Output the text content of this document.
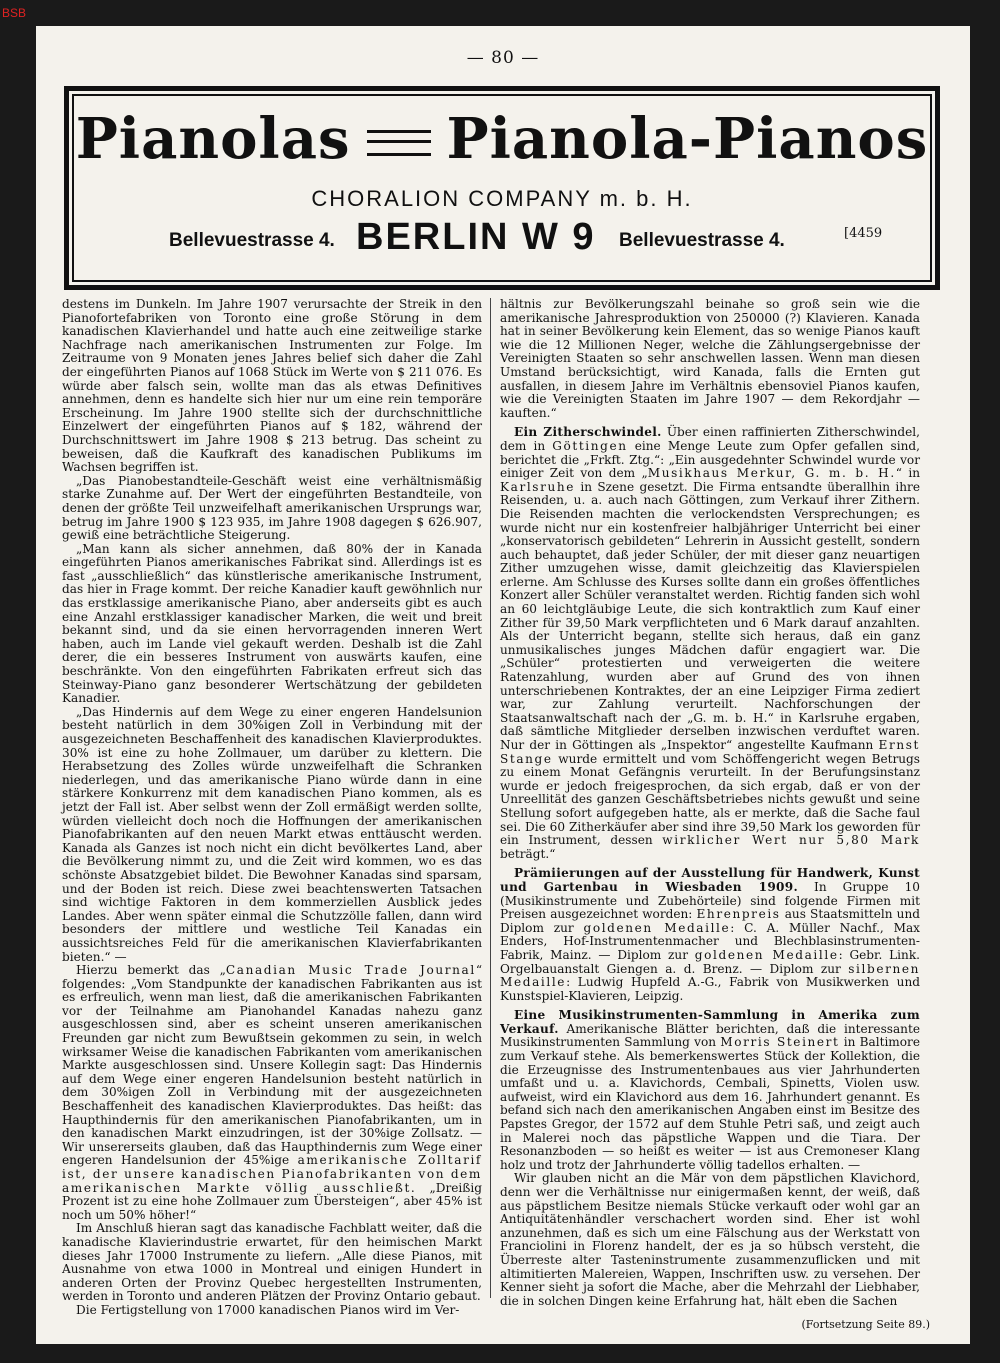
BSB
— 80 —
Pianolas Pianola-Pianos
CHORALION COMPANY m. b. H.
Bellevuestrasse 4. BERLIN W 9 Bellevuestrasse 4.	[4459

destens im Dunkeln. Im Jahre 1907 verursachte der Streik in den Pianofortefabriken von Toronto eine große Störung in dem kanadischen Klavierhandel und hatte auch eine zeitweilige starke Nachfrage nach amerikanischen Instrumenten zur Folge. Im Zeitraume von 9 Monaten jenes Jahres belief sich daher die Zahl der eingeführten Pianos auf 1068 Stück im Werte von $ 211 076. Es würde aber falsch sein, wollte man das als etwas Definitives annehmen, denn es handelte sich hier nur um eine rein temporäre Erscheinung. Im Jahre 1900 stellte sich der durchschnittliche Einzelwert der eingeführten Pianos auf $ 182, während der Durchschnittswert im Jahre 1908 $ 213 betrug. Das scheint zu beweisen, daß die Kaufkraft des kanadischen Publikums im Wachsen begriffen ist.

„Das Pianobestandteile-Geschäft weist eine verhältnismäßig starke Zunahme auf. Der Wert der eingeführten Bestandteile, von denen der größte Teil unzweifelhaft amerikanischen Ursprungs war, betrug im Jahre 1900 $ 123 935, im Jahre 1908 dagegen $ 626.907, gewiß eine beträchtliche Steigerung.

„Man kann als sicher annehmen, daß 80% der in Kanada eingeführten Pianos amerikanisches Fabrikat sind. Allerdings ist es fast „ausschließlich“ das künstlerische amerikanische Instrument, das hier in Frage kommt. Der reiche Kanadier kauft gewöhnlich nur das erstklassige amerikanische Piano, aber anderseits gibt es auch eine Anzahl erstklassiger kanadischer Marken, die weit und breit bekannt sind, und da sie einen hervorragenden inneren Wert haben, auch im Lande viel gekauft werden. Deshalb ist die Zahl derer, die ein besseres Instrument von auswärts kaufen, eine beschränkte. Von den eingeführten Fabrikaten erfreut sich das Steinway-Piano ganz besonderer Wertschätzung der gebildeten Kanadier.

„Das Hindernis auf dem Wege zu einer engeren Handelsunion besteht natürlich in dem 30%igen Zoll in Verbindung mit der ausgezeichneten Beschaffenheit des kanadischen Klavierproduktes. 30% ist eine zu hohe Zollmauer, um darüber zu klettern. Die Herabsetzung des Zolles würde unzweifelhaft die Schranken niederlegen, und das amerikanische Piano würde dann in eine stärkere Konkurrenz mit dem kanadischen Piano kommen, als es jetzt der Fall ist. Aber selbst wenn der Zoll ermäßigt werden sollte, würden vielleicht doch noch die Hoffnungen der amerikanischen Pianofabrikanten auf den neuen Markt etwas enttäuscht werden. Kanada als Ganzes ist noch nicht ein dicht bevölkertes Land, aber die Bevölkerung nimmt zu, und die Zeit wird kommen, wo es das schönste Absatzgebiet bildet. Die Bewohner Kanadas sind sparsam, und der Boden ist reich. Diese zwei beachtenswerten Tatsachen sind wichtige Faktoren in dem kommerziellen Ausblick jedes Landes. Aber wenn später einmal die Schutzzölle fallen, dann wird besonders der mittlere und westliche Teil Kanadas ein aussichtsreiches Feld für die amerikanischen Klavierfabrikanten bieten.“ —

Hierzu bemerkt das „Canadian Music Trade Journal“ folgendes: „Vom Standpunkte der kanadischen Fabrikanten aus ist es erfreulich, wenn man liest, daß die amerikanischen Fabrikanten vor der Teilnahme am Pianohandel Kanadas nahezu ganz ausgeschlossen sind, aber es scheint unseren amerikanischen Freunden gar nicht zum Bewußtsein gekommen zu sein, in welch wirksamer Weise die kanadischen Fabrikanten vom amerikanischen Markte ausgeschlossen sind. Unsere Kollegin sagt: Das Hindernis auf dem Wege einer engeren Handelsunion besteht natürlich in dem 30%igen Zoll in Verbindung mit der ausgezeichneten Beschaffenheit des kanadischen Klavierproduktes. Das heißt: das Haupthindernis für den amerikanischen Pianofabrikanten, um in den kanadischen Markt einzudringen, ist der 30%ige Zollsatz. — Wir unsererseits glauben, daß das Haupthindernis zum Wege einer engeren Handelsunion der 45%ige amerikanische Zolltarif ist, der unsere kanadischen Pianofabrikanten von dem amerikanischen Markte völlig ausschließt. „Dreißig Prozent ist zu eine hohe Zollmauer zum Übersteigen“, aber 45% ist noch um 50% höher!“

Im Anschluß hieran sagt das kanadische Fachblatt weiter, daß die kanadische Klavierindustrie erwartet, für den heimischen Markt dieses Jahr 17000 Instrumente zu liefern. „Alle diese Pianos, mit Ausnahme von etwa 1000 in Montreal und einigen Hundert in anderen Orten der Provinz Quebec hergestellten Instrumenten, werden in Toronto und anderen Plätzen der Provinz Ontario gebaut.

Die Fertigstellung von 17000 kanadischen Pianos wird im Ver-

hältnis zur Bevölkerungszahl beinahe so groß sein wie die amerikanische Jahresproduktion von 250000 (?) Klavieren. Kanada hat in seiner Bevölkerung kein Element, das so wenige Pianos kauft wie die 12 Millionen Neger, welche die Zählungsergebnisse der Vereinigten Staaten so sehr anschwellen lassen. Wenn man diesen Umstand berücksichtigt, wird Kanada, falls die Ernten gut ausfallen, in diesem Jahre im Verhältnis ebensoviel Pianos kaufen, wie die Vereinigten Staaten im Jahre 1907 — dem Rekordjahr — kauften.“

Ein Zitherschwindel. Über einen raffinierten Zitherschwindel, dem in Göttingen eine Menge Leute zum Opfer gefallen sind, berichtet die „Frkft. Ztg.“: „Ein ausgedehnter Schwindel wurde vor einiger Zeit von dem „Musikhaus Merkur, G. m. b. H.“ in Karlsruhe in Szene gesetzt. Die Firma entsandte überallhin ihre Reisenden, u. a. auch nach Göttingen, zum Verkauf ihrer Zithern. Die Reisenden machten die verlockendsten Versprechungen; es wurde nicht nur ein kostenfreier halbjähriger Unterricht bei einer „konservatorisch gebildeten“ Lehrerin in Aussicht gestellt, sondern auch behauptet, daß jeder Schüler, der mit dieser ganz neuartigen Zither umzugehen wisse, damit gleichzeitig das Klavierspielen erlerne. Am Schlusse des Kurses sollte dann ein großes öffentliches Konzert aller Schüler veranstaltet werden. Richtig fanden sich wohl an 60 leichtgläubige Leute, die sich kontraktlich zum Kauf einer Zither für 39,50 Mark verpflichteten und 6 Mark darauf anzahlten. Als der Unterricht begann, stellte sich heraus, daß ein ganz unmusikalisches junges Mädchen dafür engagiert war. Die „Schüler“ protestierten und verweigerten die weitere Ratenzahlung, wurden aber auf Grund des von ihnen unterschriebenen Kontraktes, der an eine Leipziger Firma zediert war, zur Zahlung verurteilt. Nachforschungen der Staatsanwaltschaft nach der „G. m. b. H.“ in Karlsruhe ergaben, daß sämtliche Mitglieder derselben inzwischen verduftet waren. Nur der in Göttingen als „Inspektor“ angestellte Kaufmann Ernst Stange wurde ermittelt und vom Schöffengericht wegen Betrugs zu einem Monat Gefängnis verurteilt. In der Berufungsinstanz wurde er jedoch freigesprochen, da sich ergab, daß er von der Unreellität des ganzen Geschäftsbetriebes nichts gewußt und seine Stellung sofort aufgegeben hatte, als er merkte, daß die Sache faul sei. Die 60 Zitherkäufer aber sind ihre 39,50 Mark los geworden für ein Instrument, dessen wirklicher Wert nur 5,80 Mark beträgt.“

Prämiierungen auf der Ausstellung für Handwerk, Kunst und Gartenbau in Wiesbaden 1909. In Gruppe 10 (Musikinstrumente und Zubehörteile) sind folgende Firmen mit Preisen ausgezeichnet worden: Ehrenpreis aus Staatsmitteln und Diplom zur goldenen Medaille: C. A. Müller Nachf., Max Enders, Hof-Instrumentenmacher und Blechblasinstrumenten-Fabrik, Mainz. — Diplom zur goldenen Medaille: Gebr. Link. Orgelbauanstalt Giengen a. d. Brenz. — Diplom zur silbernen Medaille: Ludwig Hupfeld A.-G., Fabrik von Musikwerken und Kunstspiel-Klavieren, Leipzig.

Eine Musikinstrumenten-Sammlung in Amerika zum Verkauf. Amerikanische Blätter berichten, daß die interessante Musikinstrumenten Sammlung von Morris Steinert in Baltimore zum Verkauf stehe. Als bemerkenswertes Stück der Kollektion, die die Erzeugnisse des Instrumentenbaues aus vier Jahrhunderten umfaßt und u. a. Klavichords, Cembali, Spinetts, Violen usw. aufweist, wird ein Klavichord aus dem 16. Jahrhundert genannt. Es befand sich nach den amerikanischen Angaben einst im Besitze des Papstes Gregor, der 1572 auf dem Stuhle Petri saß, und zeigt auch in Malerei noch das päpstliche Wappen und die Tiara. Der Resonanzboden — so heißt es weiter — ist aus Cremoneser Klang holz und trotz der Jahrhunderte völlig tadellos erhalten. —

Wir glauben nicht an die Mär von dem päpstlichen Klavichord, denn wer die Verhältnisse nur einigermaßen kennt, der weiß, daß aus päpstlichem Besitze niemals Stücke verkauft oder wohl gar an Antiquitätenhändler verschachert worden sind. Eher ist wohl anzunehmen, daß es sich um eine Fälschung aus der Werkstatt von Franciolini in Florenz handelt, der es ja so hübsch versteht, die Überreste alter Tasteninstrumente zusammenzuflicken und mit altimitierten Malereien, Wappen, Inschriften usw. zu versehen. Der Kenner sieht ja sofort die Mache, aber die Mehrzahl der Liebhaber, die in solchen Dingen keine Erfahrung hat, hält eben die Sachen

(Fortsetzung Seite 89.)
